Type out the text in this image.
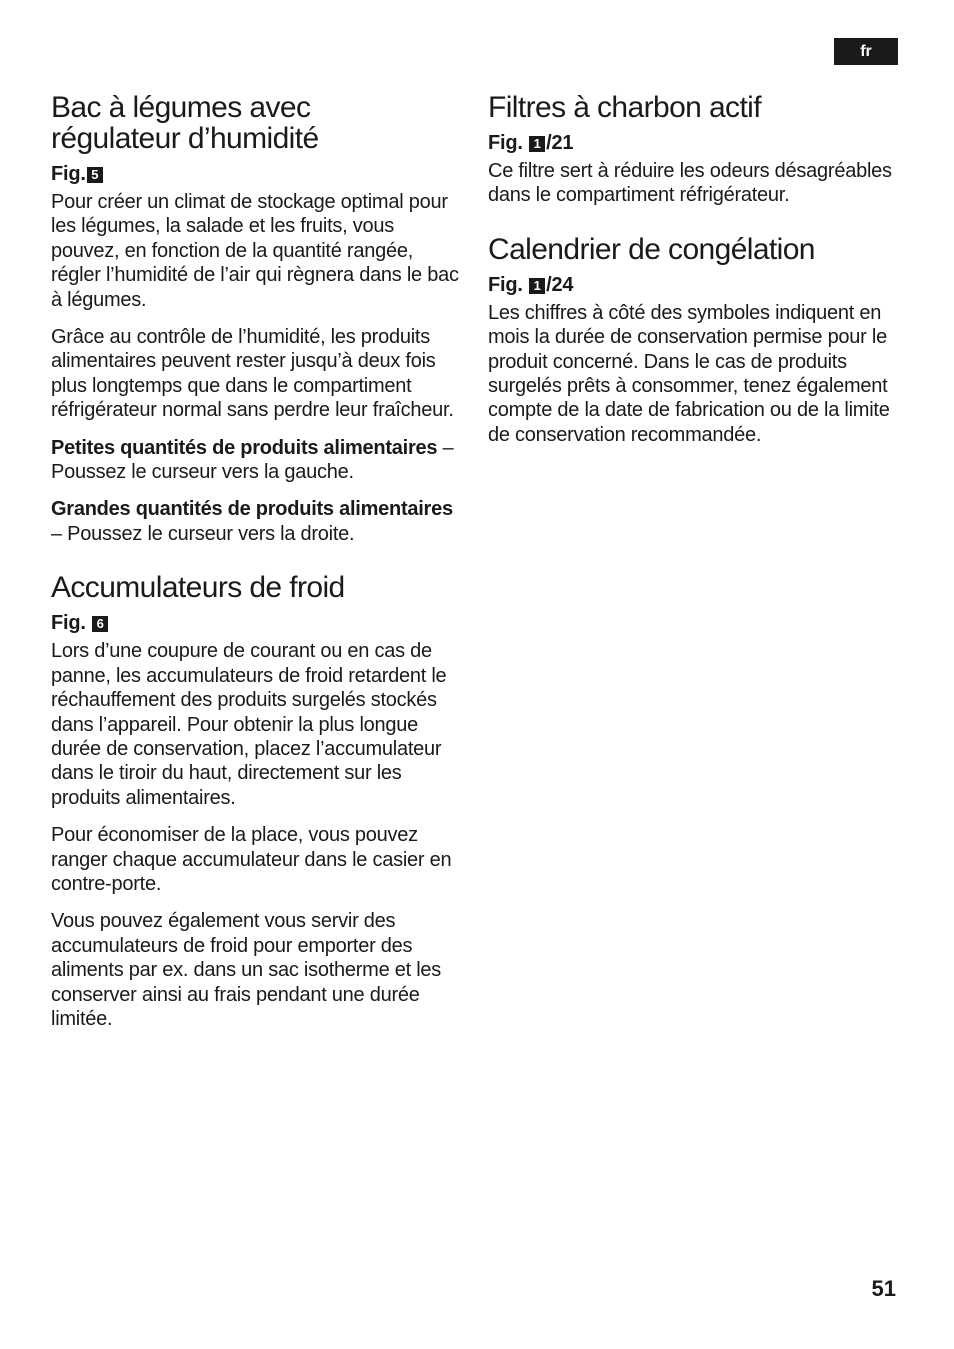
fr
Bac à légumes avec
régulateur d’humidité
Fig. 5

Pour créer un climat de stockage optimal pour les légumes, la salade et les fruits, vous pouvez, en fonction de la quantité rangée, régler l’humidité de l’air qui règnera dans le bac à légumes.

Grâce au contrôle de l’humidité, les produits alimentaires peuvent rester jusqu’à deux fois plus longtemps que dans le compartiment réfrigérateur normal sans perdre leur fraîcheur.

Petites quantités de produits alimentaires – Poussez le curseur vers la gauche.

Grandes quantités de produits alimentaires – Poussez le curseur vers la droite.

Accumulateurs de froid
Fig. 6

Lors d’une coupure de courant ou en cas de panne, les accumulateurs de froid retardent le réchauffement des produits surgelés stockés dans l’appareil. Pour obtenir la plus longue durée de conservation, placez l’accumulateur dans le tiroir du haut, directement sur les produits alimentaires.

Pour économiser de la place, vous pouvez ranger chaque accumulateur dans le casier en contre-porte.

Vous pouvez également vous servir des accumulateurs de froid pour emporter des aliments par ex. dans un sac isotherme et les conserver ainsi au frais pendant une durée limitée.

Filtres à charbon actif
Fig. 1 /21

Ce filtre sert à réduire les odeurs désagréables dans le compartiment réfrigérateur.

Calendrier de congélation
Fig. 1 /24

Les chiffres à côté des symboles indiquent en mois la durée de conservation permise pour le produit concerné. Dans le cas de produits surgelés prêts à consommer, tenez également compte de la date de fabrication ou de la limite de conservation recommandée.

51
